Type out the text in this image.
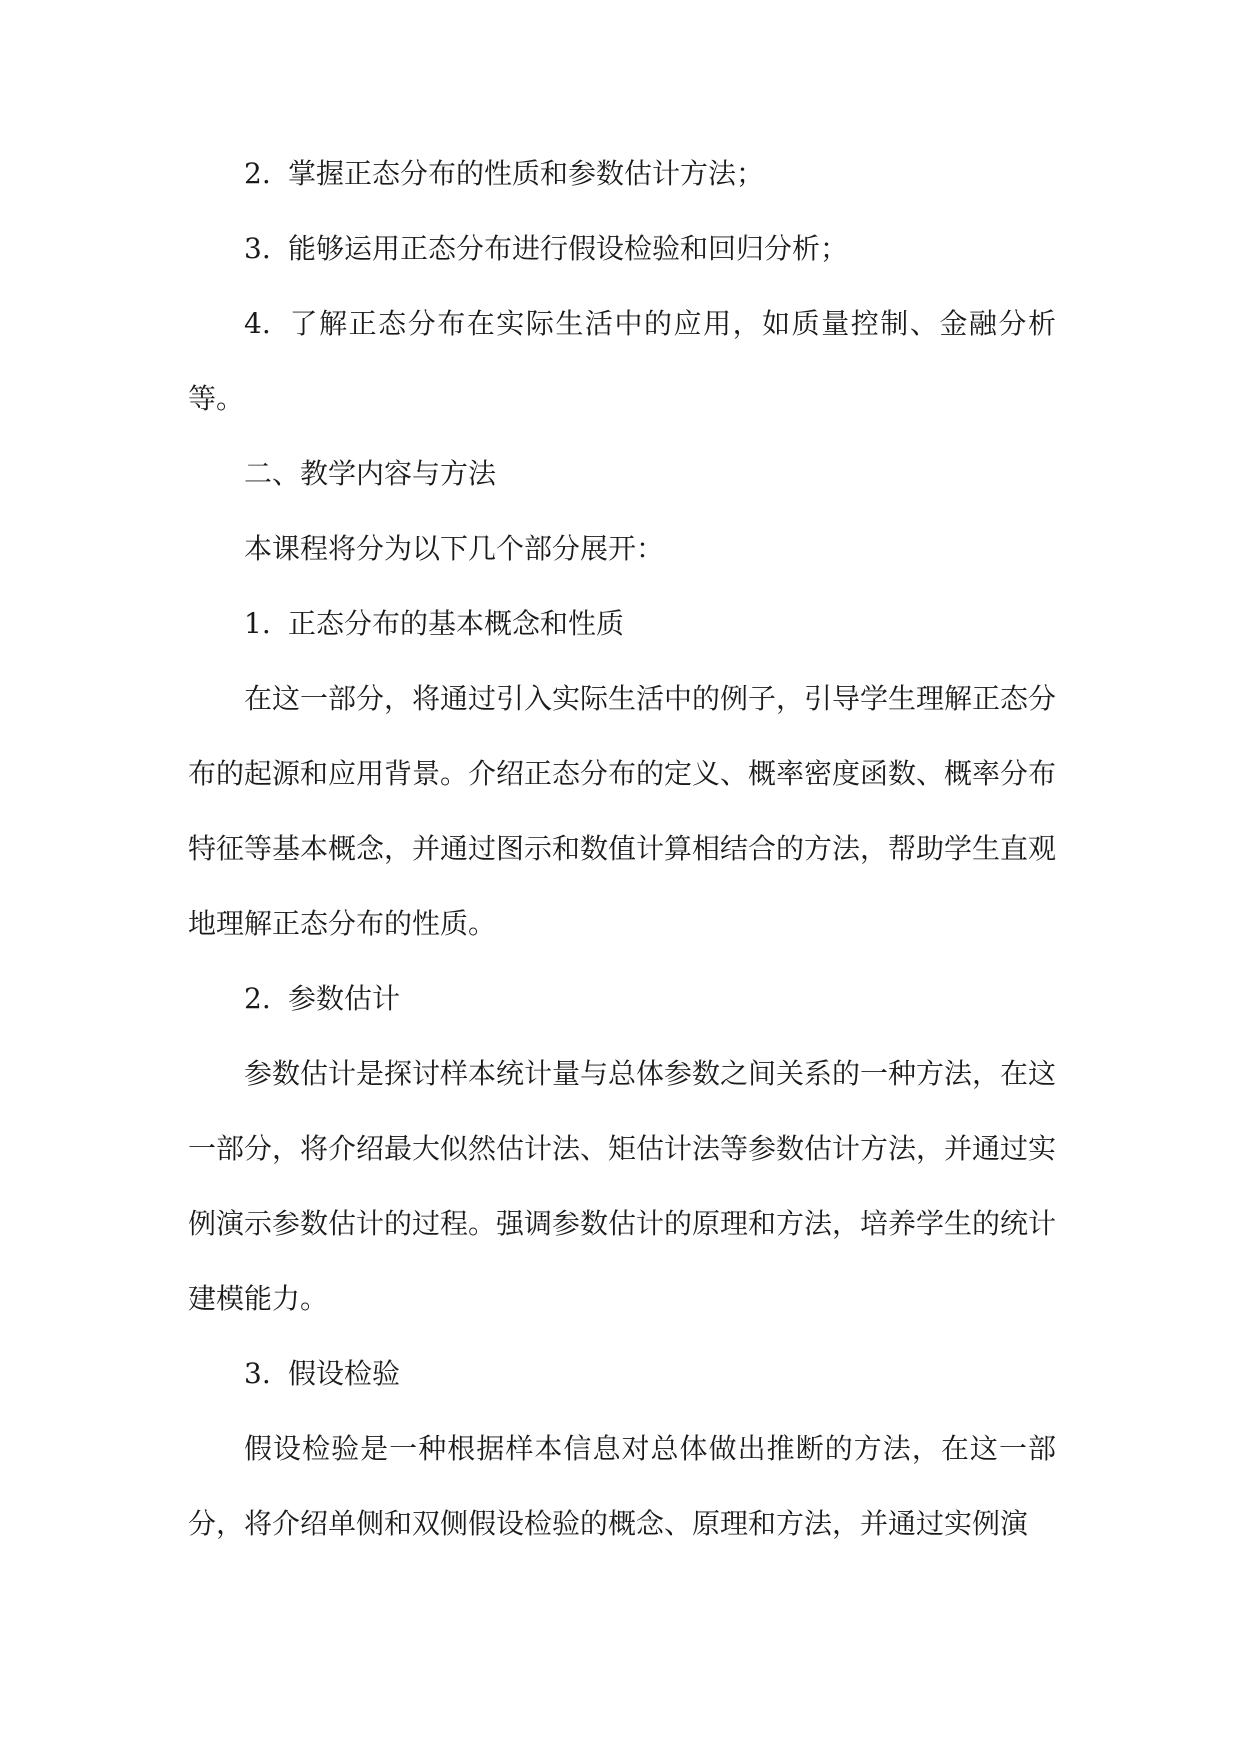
2. 掌握正态分布的性质和参数估计方法；

3. 能够运用正态分布进行假设检验和回归分析；

4. 了解正态分布在实际生活中的应用，如质量控制、金融分析等。

二、教学内容与方法

本课程将分为以下几个部分展开：

1. 正态分布的基本概念和性质

在这一部分，将通过引入实际生活中的例子，引导学生理解正态分布的起源和应用背景。介绍正态分布的定义、概率密度函数、概率分布特征等基本概念，并通过图示和数值计算相结合的方法，帮助学生直观地理解正态分布的性质。

2. 参数估计

参数估计是探讨样本统计量与总体参数之间关系的一种方法，在这一部分，将介绍最大似然估计法、矩估计法等参数估计方法，并通过实例演示参数估计的过程。强调参数估计的原理和方法，培养学生的统计建模能力。

3. 假设检验

假设检验是一种根据样本信息对总体做出推断的方法，在这一部分，将介绍单侧和双侧假设检验的概念、原理和方法，并通过实例演
